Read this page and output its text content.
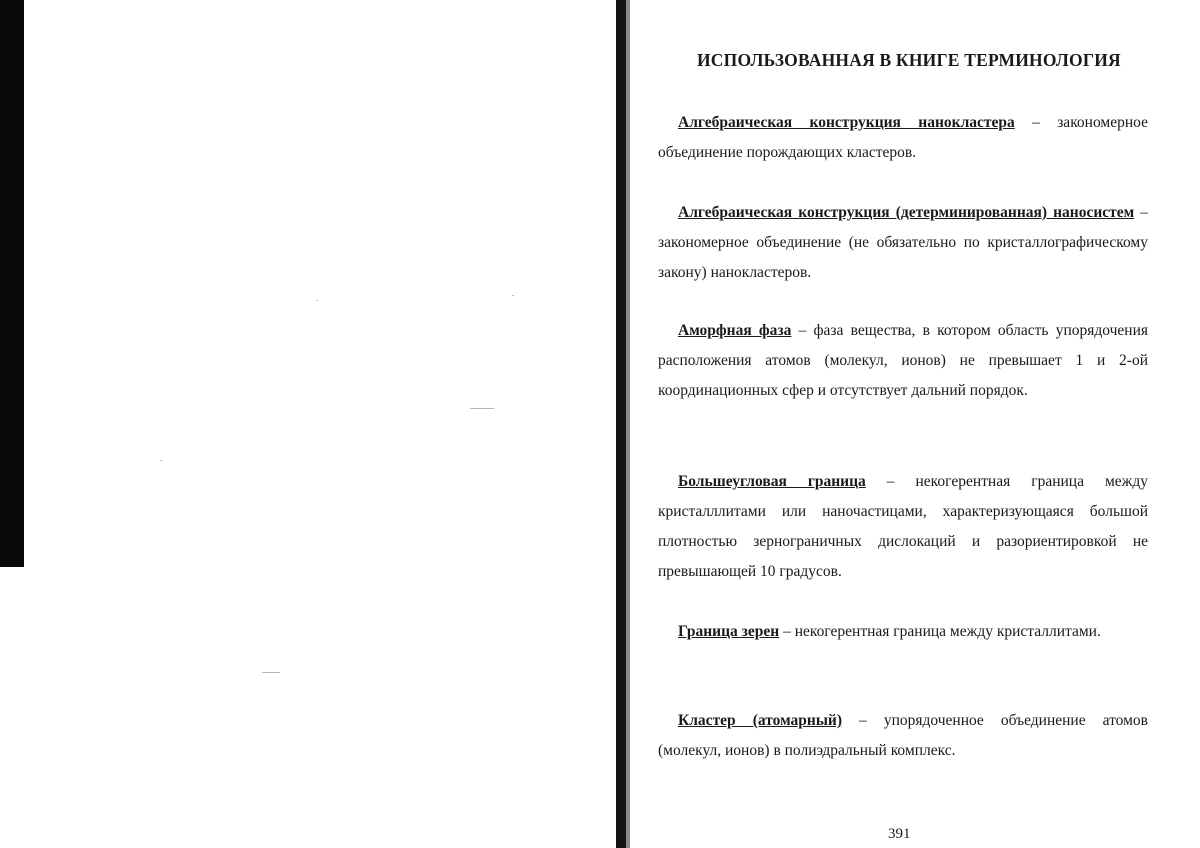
ИСПОЛЬЗОВАННАЯ В КНИГЕ ТЕРМИНОЛОГИЯ

Алгебраическая конструкция нанокластера – закономерное объединение порождающих кластеров.

Алгебраическая конструкция (детерминированная) наносистем – закономерное объединение (не обязательно по кристаллографическому закону) нанокластеров.

Аморфная фаза – фаза вещества, в котором область упорядочения расположения атомов (молекул, ионов) не превышает 1 и 2-ой координационных сфер и отсутствует дальний порядок.

Большеугловая граница – некогерентная граница между кристалллитами или наночастицами, характеризующаяся большой плотностью зернограничных дислокаций и разориентировкой не превышающей 10 градусов.

Граница зерен – некогерентная граница между кристаллитами.

Кластер (атомарный) – упорядоченное объединение атомов (молекул, ионов) в полиэдральный комплекс.

391
